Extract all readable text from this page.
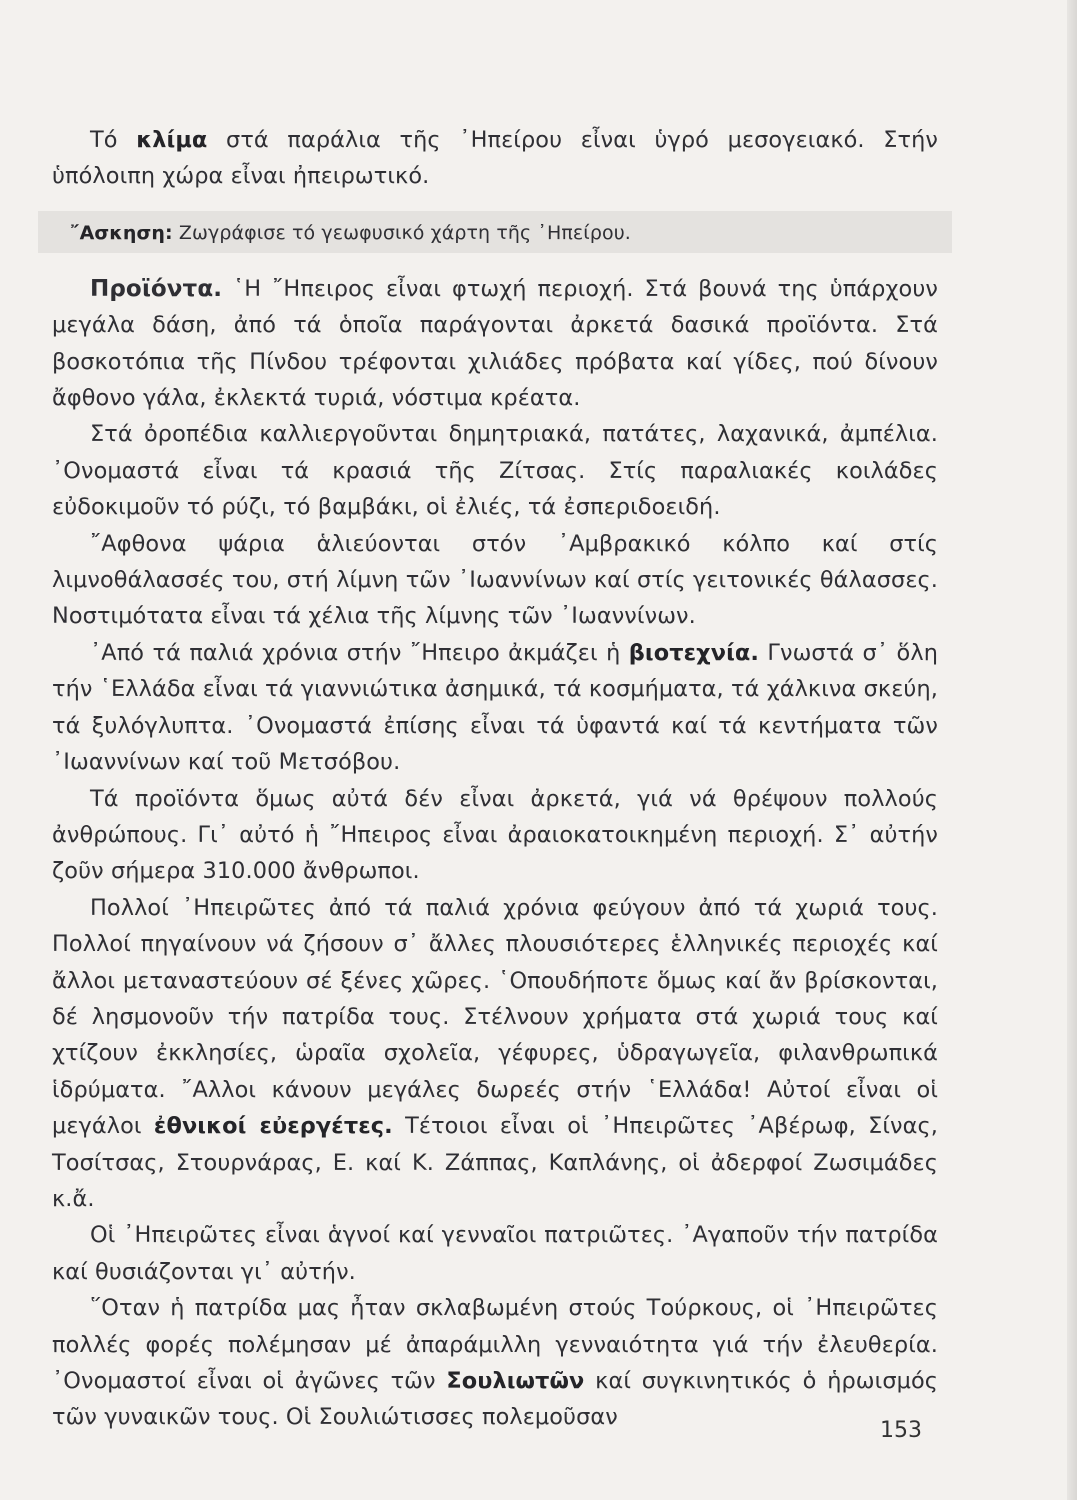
Τό κλίμα στά παράλια τῆς ᾿Ηπείρου εἶναι ὑγρό μεσογειακό. Στήν ὑπόλοιπη χώρα εἶναι ἠπειρωτικό.

῎Ασκηση: Ζωγράφισε τό γεωφυσικό χάρτη τῆς ᾿Ηπείρου.

Προϊόντα. ῾Η ῎Ηπειρος εἶναι φτωχή περιοχή. Στά βουνά της ὑπάρχουν μεγάλα δάση, ἀπό τά ὁποῖα παράγονται ἀρκετά δασικά προϊόντα. Στά βοσκοτόπια τῆς Πίνδου τρέφονται χιλιάδες πρόβατα καί γίδες, πού δίνουν ἄφθονο γάλα, ἐκλεκτά τυριά, νόστιμα κρέατα.

Στά ὀροπέδια καλλιεργοῦνται δημητριακά, πατάτες, λαχανικά, ἀμπέλια. ᾿Ονομαστά εἶναι τά κρασιά τῆς Ζίτσας. Στίς παραλιακές κοιλάδες εὐδοκιμοῦν τό ρύζι, τό βαμβάκι, οἱ ἐλιές, τά ἐσπεριδοειδή.

῎Αφθονα ψάρια ἁλιεύονται στόν ᾿Αμβρακικό κόλπο καί στίς λιμνοθάλασσές του, στή λίμνη τῶν ᾿Ιωαννίνων καί στίς γειτονικές θάλασσες. Νοστιμότατα εἶναι τά χέλια τῆς λίμνης τῶν ᾿Ιωαννίνων.

᾿Από τά παλιά χρόνια στήν ῎Ηπειρο ἀκμάζει ἡ βιοτεχνία. Γνωστά σ᾿ ὅλη τήν ῾Ελλάδα εἶναι τά γιαννιώτικα ἀσημικά, τά κοσμήματα, τά χάλκινα σκεύη, τά ξυλόγλυπτα. ᾿Ονομαστά ἐπίσης εἶναι τά ὑφαντά καί τά κεντήματα τῶν ᾿Ιωαννίνων καί τοῦ Μετσόβου.

Τά προϊόντα ὅμως αὐτά δέν εἶναι ἀρκετά, γιά νά θρέψουν πολλούς ἀνθρώπους. Γι᾿ αὐτό ἡ ῎Ηπειρος εἶναι ἀραιοκατοικημένη περιοχή. Σ᾿ αὐτήν ζοῦν σήμερα 310.000 ἄνθρωποι.

Πολλοί ᾿Ηπειρῶτες ἀπό τά παλιά χρόνια φεύγουν ἀπό τά χωριά τους. Πολλοί πηγαίνουν νά ζήσουν σ᾿ ἄλλες πλουσιότερες ἑλληνικές περιοχές καί ἄλλοι μεταναστεύουν σέ ξένες χῶρες. ῾Οπουδήποτε ὅμως καί ἄν βρίσκονται, δέ λησμονοῦν τήν πατρίδα τους. Στέλνουν χρήματα στά χωριά τους καί χτίζουν ἐκκλησίες, ὡραῖα σχολεῖα, γέφυρες, ὑδραγωγεῖα, φιλανθρωπικά ἱδρύματα. ῎Αλλοι κάνουν μεγάλες δωρεές στήν ῾Ελλάδα! Αὐτοί εἶναι οἱ μεγάλοι ἐθνικοί εὐεργέτες. Τέτοιοι εἶναι οἱ ᾿Ηπειρῶτες ᾿Αβέρωφ, Σίνας, Τοσίτσας, Στουρνάρας, Ε. καί Κ. Ζάππας, Καπλάνης, οἱ ἀδερφοί Ζωσιμάδες κ.ἄ.

Οἱ ᾿Ηπειρῶτες εἶναι ἁγνοί καί γενναῖοι πατριῶτες. ᾿Αγαποῦν τήν πατρίδα καί θυσιάζονται γι᾿ αὐτήν.

῞Οταν ἡ πατρίδα μας ἦταν σκλαβωμένη στούς Τούρκους, οἱ ᾿Ηπειρῶτες πολλές φορές πολέμησαν μέ ἀπαράμιλλη γενναιότητα γιά τήν ἐλευθερία. ᾿Ονομαστοί εἶναι οἱ ἀγῶνες τῶν Σουλιωτῶν καί συγκινητικός ὁ ἡρωισμός τῶν γυναικῶν τους. Οἱ Σουλιώτισσες πολεμοῦσαν

153
